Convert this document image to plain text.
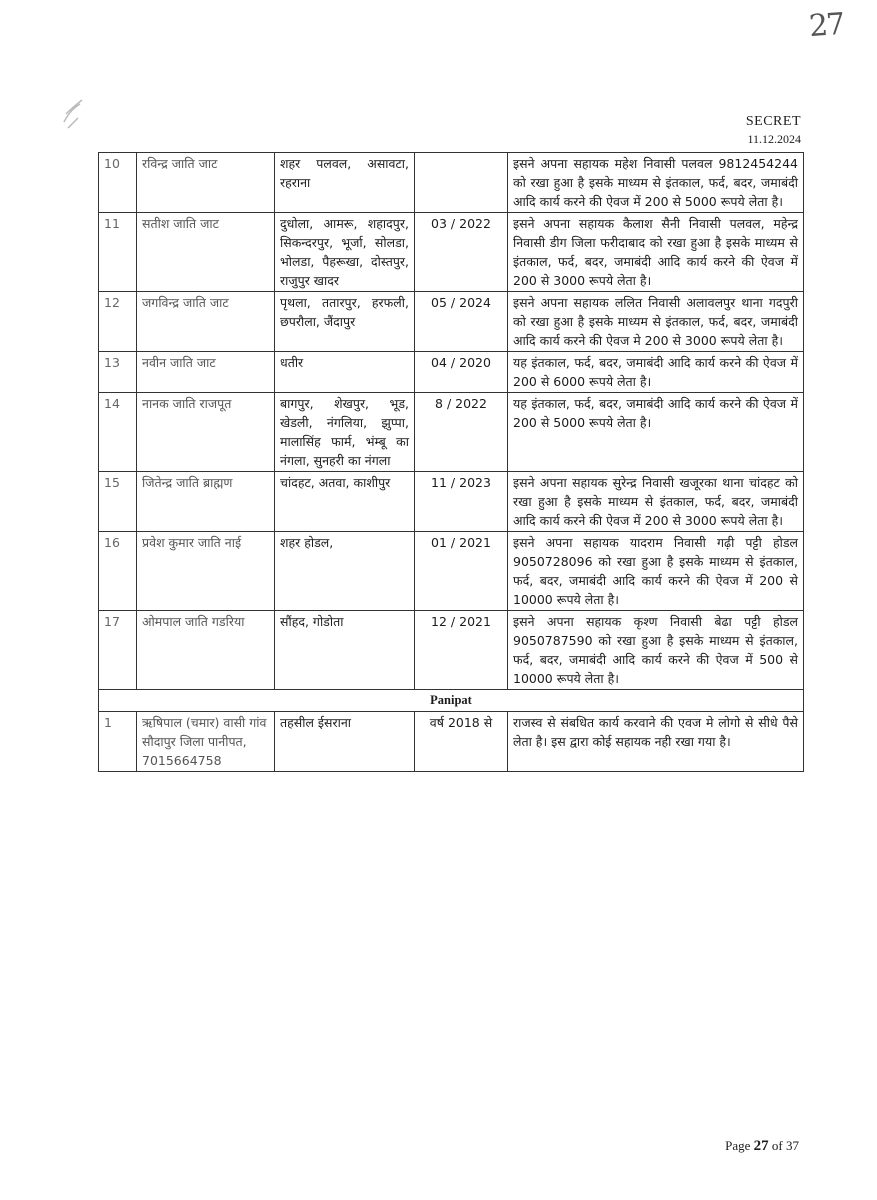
27
SECRET
11.12.2024
10	रविन्द्र जाति जाट	शहर पलवल, असावटा, रहराना		इसने अपना सहायक महेश निवासी पलवल 9812454244 को रखा हुआ है इसके माध्यम से इंतकाल, फर्द, बदर, जमाबंदी आदि कार्य करने की ऐवज में 200 से 5000 रूपये लेता है।
11	सतीश जाति जाट	दुधोला, आमरू, शहादपुर, सिकन्दरपुर, भूर्जा, सोलडा, भोलडा, पैहरूखा, दोस्तपुर, राजुपुर खादर	03 / 2022	इसने अपना सहायक कैलाश सैनी निवासी पलवल, महेन्द्र निवासी डीग जिला फरीदाबाद को रखा हुआ है इसके माध्यम से इंतकाल, फर्द, बदर, जमाबंदी आदि कार्य करने की ऐवज में 200 से 3000 रूपये लेता है।
12	जगविन्द्र जाति जाट	पृथला, ततारपुर, हरफली, छपरौला, जैंदापुर	05 / 2024	इसने अपना सहायक ललित निवासी अलावलपुर थाना गदपुरी को रखा हुआ है इसके माध्यम से इंतकाल, फर्द, बदर, जमाबंदी आदि कार्य करने की ऐवज मे 200 से 3000 रूपये लेता है।
13	नवीन जाति जाट	धतीर	04 / 2020	यह इंतकाल, फर्द, बदर, जमाबंदी आदि कार्य करने की ऐवज में 200 से 6000 रूपये लेता है।
14	नानक जाति राजपूत	बागपुर, शेखपुर, भूड, खेडली, नंगलिया, झुप्पा, मालासिंह फार्म, भंम्बू का नंगला, सुनहरी का नंगला	8 / 2022	यह इंतकाल, फर्द, बदर, जमाबंदी आदि कार्य करने की ऐवज में 200 से 5000 रूपये लेता है।
15	जितेन्द्र जाति ब्राह्मण	चांदहट, अतवा, काशीपुर	11 / 2023	इसने अपना सहायक सुरेन्द्र निवासी खजूरका थाना चांदहट को रखा हुआ है इसके माध्यम से इंतकाल, फर्द, बदर, जमाबंदी आदि कार्य करने की ऐवज में 200 से 3000 रूपये लेता है।
16	प्रवेश कुमार जाति नाई	शहर होडल,	01 / 2021	इसने अपना सहायक यादराम निवासी गढ़ी पट्टी होडल 9050728096 को रखा हुआ है इसके माध्यम से इंतकाल, फर्द, बदर, जमाबंदी आदि कार्य करने की ऐवज में 200 से 10000 रूपये लेता है।
17	ओमपाल जाति गडरिया	सौंहद, गोडोता	12 / 2021	इसने अपना सहायक कृश्ण निवासी बेढा पट्टी होडल 9050787590 को रखा हुआ है इसके माध्यम से इंतकाल, फर्द, बदर, जमाबंदी आदि कार्य करने की ऐवज में 500 से 10000 रूपये लेता है।
Panipat				
1	ऋषिपाल (चमार) वासी गांव सौदापुर जिला पानीपत, 7015664758	तहसील ईसराना	वर्ष 2018 से	राजस्व से संबधित कार्य करवाने की एवज मे लोगो से सीधे पैसे लेता है। इस द्वारा कोई सहायक नही रखा गया है।
Page 27 of 37
